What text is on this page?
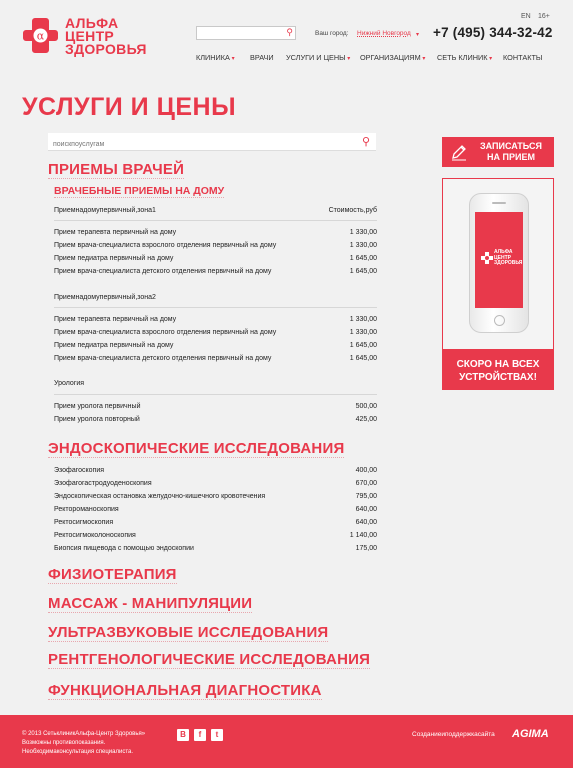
α
АЛЬФА
ЦЕНТР
ЗДОРОВЬЯ
⚲	Ваш город: Нижний Новгород ▾
EN 16+
+7 (495) 344-32-42
КЛИНИКА ▾ ВРАЧИ УСЛУГИ И ЦЕНЫ ▾ ОРГАНИЗАЦИЯМ ▾ СЕТЬ КЛИНИК ▾ КОНТАКТЫ
УСЛУГИ И ЦЕНЫ
поискпоуслугам
⚲
ПРИЕМЫ ВРАЧЕЙ
ВРАЧЕБНЫЕ ПРИЕМЫ НА ДОМУ
Приемнадомупервичный,зона1	Стоимость,руб
Прием терапевта первичный на дому	1 330,00
Прием врача-специалиста взрослого отделения первичный на дому	1 330,00
Прием педиатра первичный на дому	1 645,00
Прием врача-специалиста детского отделения первичный на дому	1 645,00
Приемнадомупервичный,зона2
Прием терапевта первичный на дому	1 330,00
Прием врача-специалиста взрослого отделения первичный на дому	1 330,00
Прием педиатра первичный на дому	1 645,00
Прием врача-специалиста детского отделения первичный на дому	1 645,00
Урология
Прием уролога первичный	500,00
Прием уролога повторный	425,00
ЭНДОСКОПИЧЕСКИЕ ИССЛЕДОВАНИЯ
Эзофагоскопия	400,00
Эзофагогастродуоденоскопия	670,00
Эндоскопическая остановка желудочно-кишечного кровотечения	795,00
Ректороманоскопия	640,00
Ректосигмоскопия	640,00
Ректосигмоколоноскопия	1 140,00
Биопсия пищевода с помощью эндоскопии	175,00
ФИЗИОТЕРАПИЯ
МАССАЖ - МАНИПУЛЯЦИИ
УЛЬТРАЗВУКОВЫЕ ИССЛЕДОВАНИЯ
РЕНТГЕНОЛОГИЧЕСКИЕ ИССЛЕДОВАНИЯ
ФУНКЦИОНАЛЬНАЯ ДИАГНОСТИКА
ЗАПИСАТЬСЯ НА ПРИЕМ
АЛЬФА
ЦЕНТР
ЗДОРОВЬЯ
СКОРО НА ВСЕХ УСТРОЙСТВАХ!
© 2013 СетьклиникАльфа-Центр Здоровья»
Возможны противопоказания.
Необходимаконсультация специалиста.
В	f	t	Созданиеиподдержкасайта AGIMA
